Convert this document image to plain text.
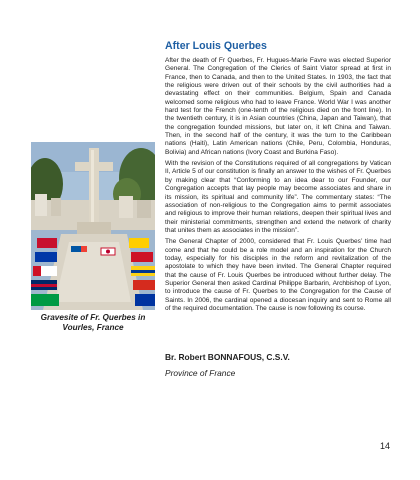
Gravesite of Fr. Querbes in Vourles, France
After Louis Querbes

After the death of Fr Querbes, Fr. Hugues-Marie Favre was elected Superior General. The Congregation of the Clerics of Saint Viator spread at first in France, then to Canada, and then to the United States. In 1903, the fact that the religious were driven out of their schools by the civil authorities had a devastating effect on their communities. Belgium, Spain and Canada welcomed some religious who had to leave France. World War I was another hard test for the French (one-tenth of the religious died on the front line). In the twentieth century, it is in Asian countries (China, Japan and Taiwan), that the congregation founded missions, but later on, it left China and Taiwan. Then, in the second half of the century, it was the turn to the Caribbean nations (Haiti), Latin American nations (Chile, Peru, Colombia, Honduras, Bolivia) and African nations (Ivory Coast and Burkina Faso).

With the revision of the Constitutions required of all congregations by Vatican II, Article 5 of our constitution is finally an answer to the wishes of Fr. Querbes by making clear that “Conforming to an idea dear to our Founder, our Congregation accepts that lay people may become associates and share in its mission, its spiritual and community life”. The commentary states: “The association of non-religious to the Congregation aims to permit associates and religious to improve their human relations, deepen their spiritual lives and their ministerial commitments, strengthen and extend the network of charity that unites them as associates in the mission”.

The General Chapter of 2000, considered that Fr. Louis Querbes’ time had come and that he could be a role model and an inspiration for the Church today, especially for his disciples in the reform and revitalization of the apostolate to which they have been invited. The General Chapter required that the cause of Fr. Louis Querbes be introduced without further delay. The Superior General then asked Cardinal Philippe Barbarin, Archbishop of Lyon, to introduce the cause of Fr. Querbes to the Congregation for the Cause of Saints. In 2006, the cardinal opened a diocesan inquiry and sent to Rome all of the required documentation. The cause is now following its course.

Br. Robert BONNAFOUS, C.S.V.
Province of France
14
